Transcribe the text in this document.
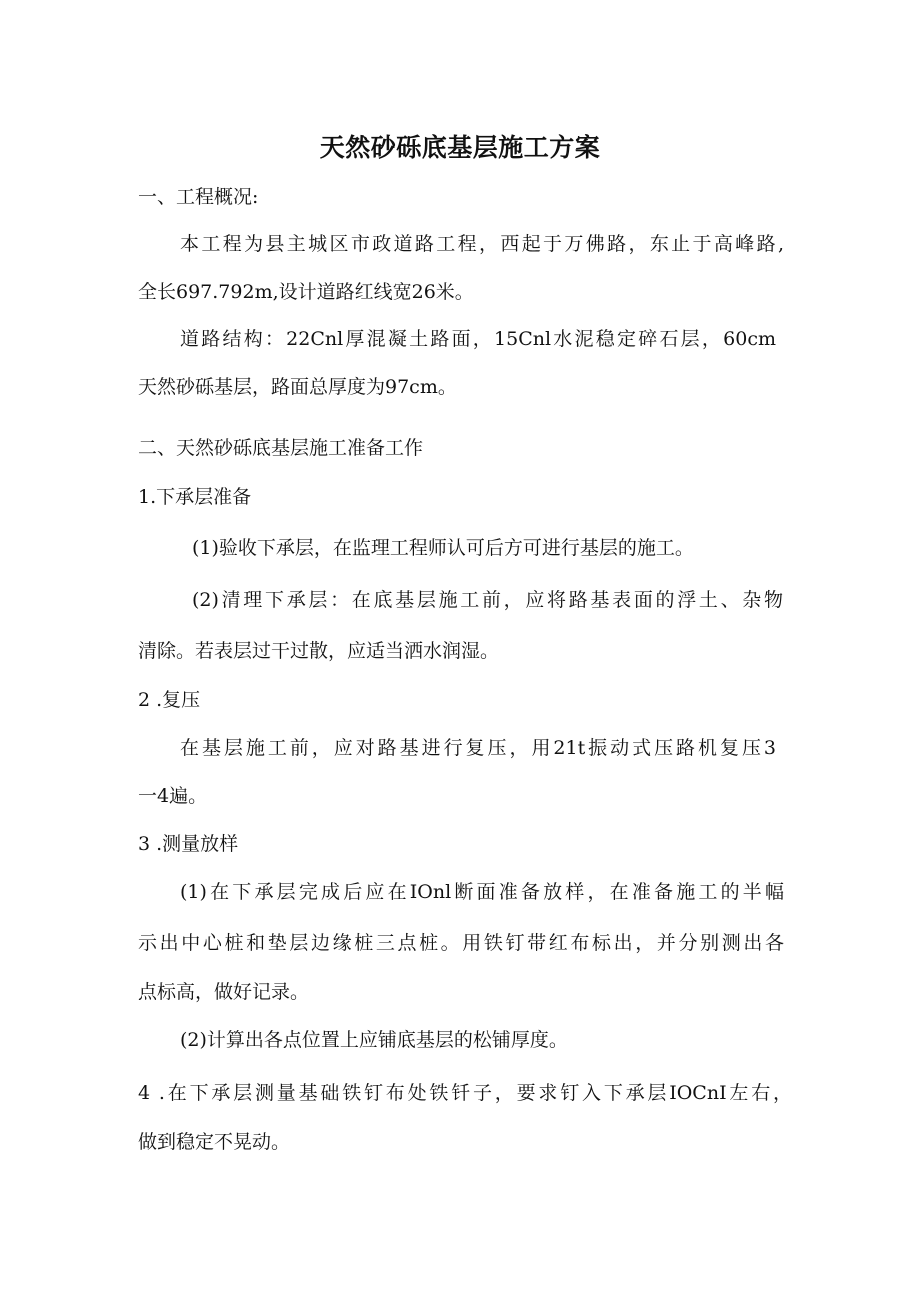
天然砂砾底基层施工方案
一、工程概况:
本工程为县主城区市政道路工程，西起于万佛路，东止于高峰路,
全长697.792m,设计道路红线宽26米。
道路结构：22Cnl厚混凝土路面，15Cnl水泥稳定碎石层，60cm
天然砂砾基层，路面总厚度为97cm。
二、天然砂砾底基层施工准备工作
1.下承层准备
(1)验收下承层，在监理工程师认可后方可进行基层的施工。
(2)清理下承层：在底基层施工前，应将路基表面的浮土、杂物
清除。若表层过干过散，应适当洒水润湿。
2 .复压
在基层施工前，应对路基进行复压，用21t振动式压路机复压3
一4遍。
3 .测量放样
(1)在下承层完成后应在IOnl断面准备放样，在准备施工的半幅
示出中心桩和垫层边缘桩三点桩。用铁钉带红布标出，并分别测出各
点标高，做好记录。
(2)计算出各点位置上应铺底基层的松铺厚度。
4 .在下承层测量基础铁钉布处铁钎子，要求钉入下承层IOCnI左右，
做到稳定不晃动。
